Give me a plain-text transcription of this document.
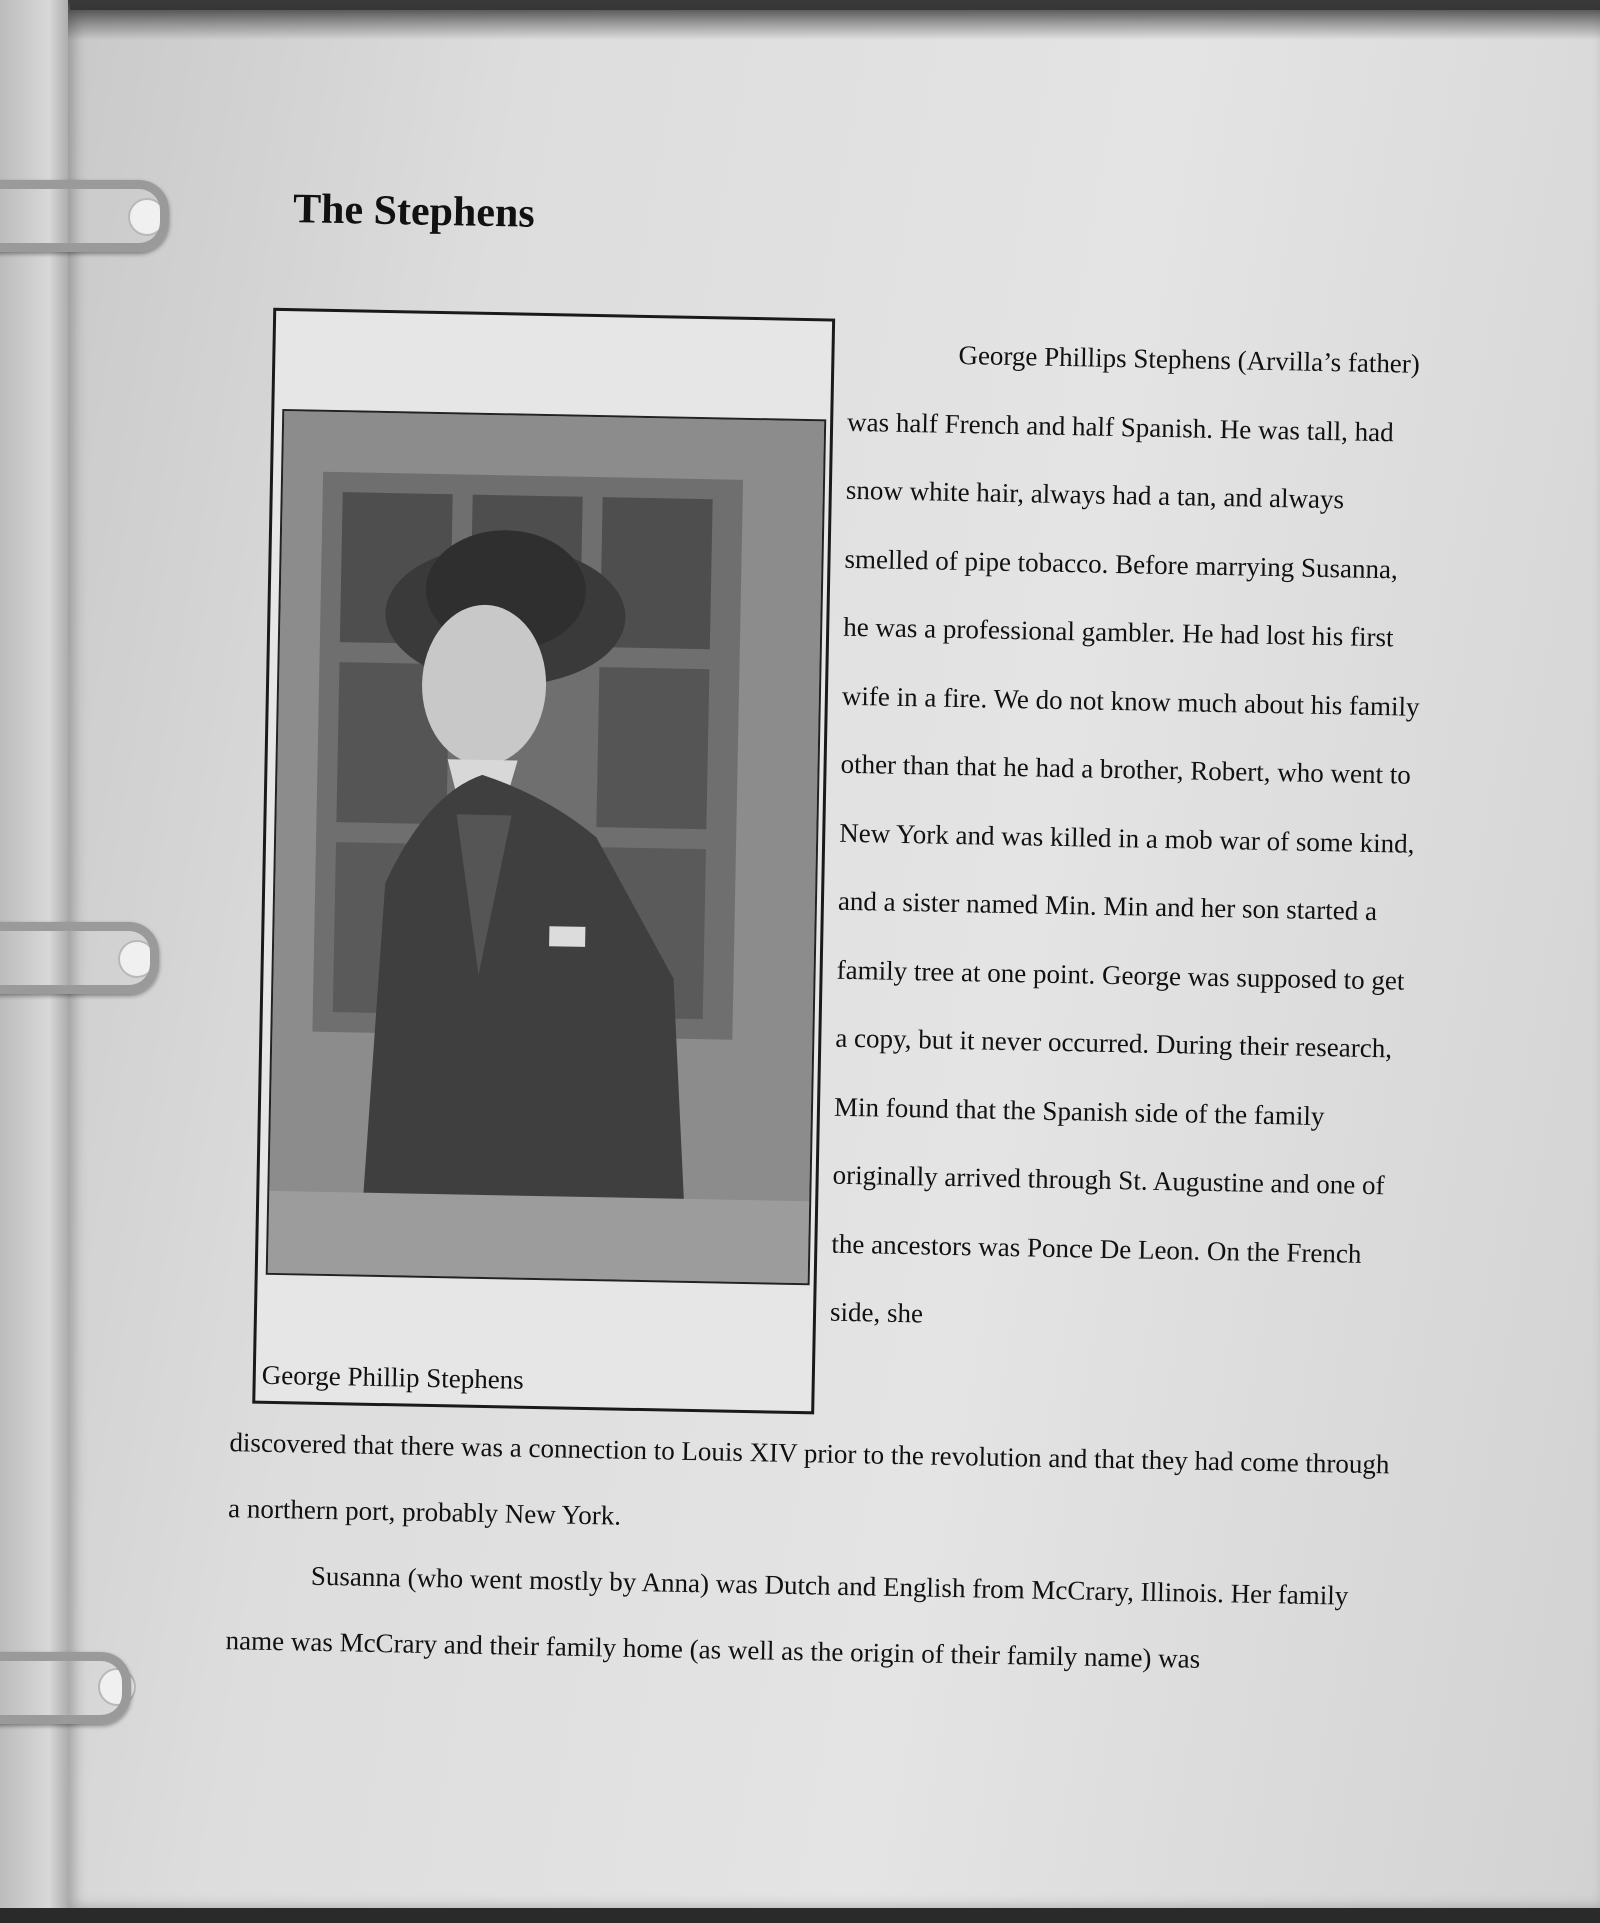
The Stephens
George Phillip Stephens

George Phillips Stephens (Arvilla’s father) was half French and half Spanish. He was tall, had snow white hair, always had a tan, and always smelled of pipe tobacco. Before marrying Susanna, he was a professional gambler. He had lost his first wife in a fire. We do not know much about his family other than that he had a brother, Robert, who went to New York and was killed in a mob war of some kind, and a sister named Min. Min and her son started a family tree at one point. George was supposed to get a copy, but it never occurred. During their research, Min found that the Spanish side of the family originally arrived through St. Augustine and one of the ancestors was Ponce De Leon. On the French side, she

discovered that there was a connection to Louis XIV prior to the revolution and that they had come through a northern port, probably New York.

Susanna (who went mostly by Anna) was Dutch and English from McCrary, Illinois. Her family name was McCrary and their family home (as well as the origin of their family name) was
